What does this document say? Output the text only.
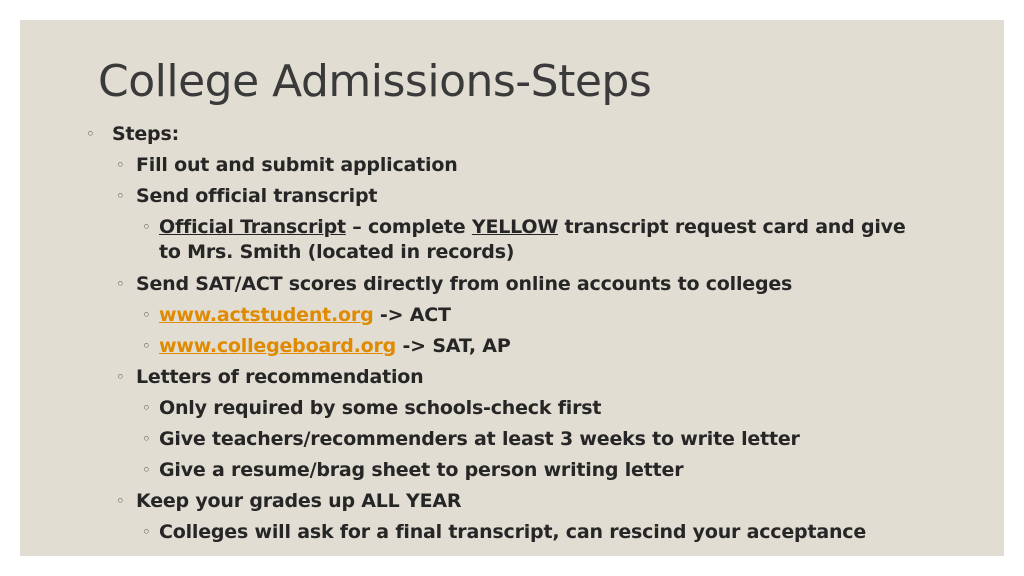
College Admissions-Steps
◦ Steps:
◦ Fill out and submit application
◦ Send official transcript
◦ Official Transcript – complete YELLOW transcript request card and give to Mrs. Smith (located in records)
◦ Send SAT/ACT scores directly from online accounts to colleges
◦ www.actstudent.org -> ACT
◦ www.collegeboard.org -> SAT, AP
◦ Letters of recommendation
◦ Only required by some schools-check first
◦ Give teachers/recommenders at least 3 weeks to write letter
◦ Give a resume/brag sheet to person writing letter
◦ Keep your grades up ALL YEAR
◦ Colleges will ask for a final transcript, can rescind your acceptance
